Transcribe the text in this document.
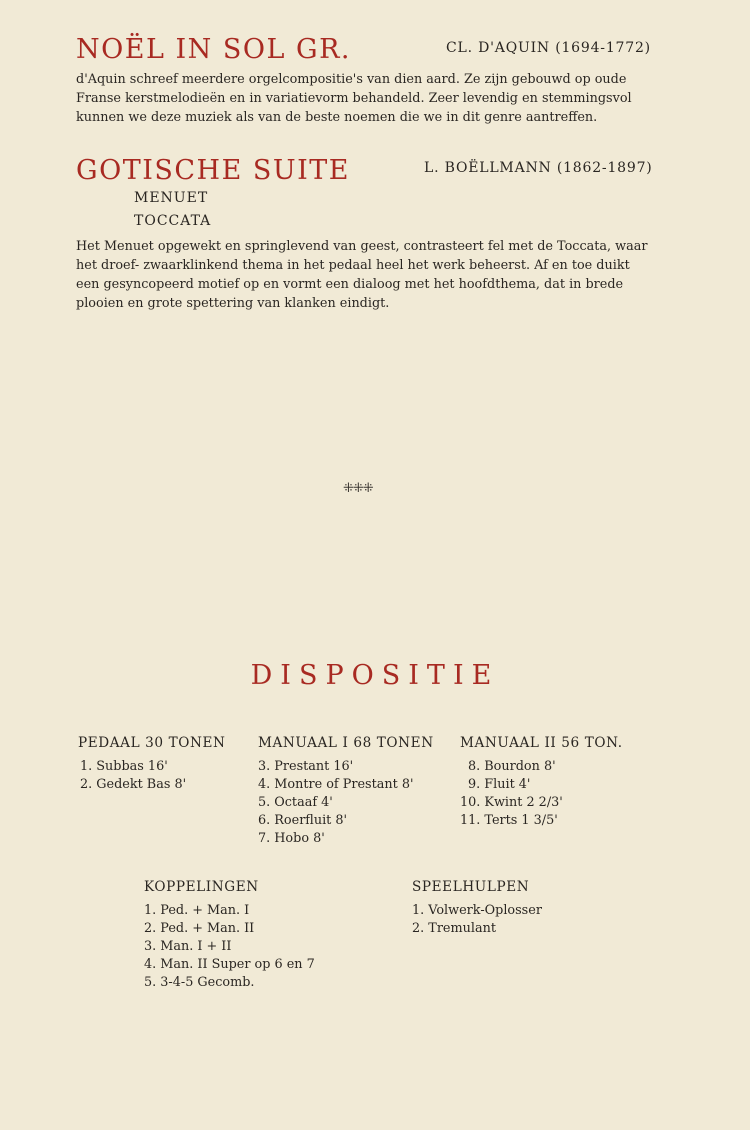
NOËL IN SOL GR.	CL. D'AQUIN (1694-1772)
d'Aquin schreef meerdere orgelcompositie's van dien aard. Ze zijn gebouwd op oude
Franse kerstmelodieën en in variatievorm behandeld. Zeer levendig en stemmingsvol
kunnen we deze muziek als van de beste noemen die we in dit genre aantreffen.
GOTISCHE SUITE	L. BOËLLMANN (1862-1897)
MENUET
TOCCATA
Het Menuet opgewekt en springlevend van geest, contrasteert fel met de Toccata, waar
het droef- zwaarklinkend thema in het pedaal heel het werk beheerst. Af en toe duikt
een gesyncopeerd motief op en vormt een dialoog met het hoofdthema, dat in brede
plooien en grote spettering van klanken eindigt.
⁜⁜⁜
DISPOSITIE
PEDAAL 30 TONEN
1. Subbas 16'
2. Gedekt Bas 8'
MANUAAL I 68 TONEN
3. Prestant 16'
4. Montre of Prestant 8'
5. Octaaf 4'
6. Roerfluit 8'
7. Hobo 8'
MANUAAL II 56 TON.
8. Bourdon 8'
9. Fluit 4'
10. Kwint 2 2/3'
11. Terts 1 3/5'
KOPPELINGEN
1. Ped. + Man. I
2. Ped. + Man. II
3. Man. I + II
4. Man. II Super op 6 en 7
5. 3-4-5 Gecomb.
SPEELHULPEN
1. Volwerk-Oplosser
2. Tremulant
